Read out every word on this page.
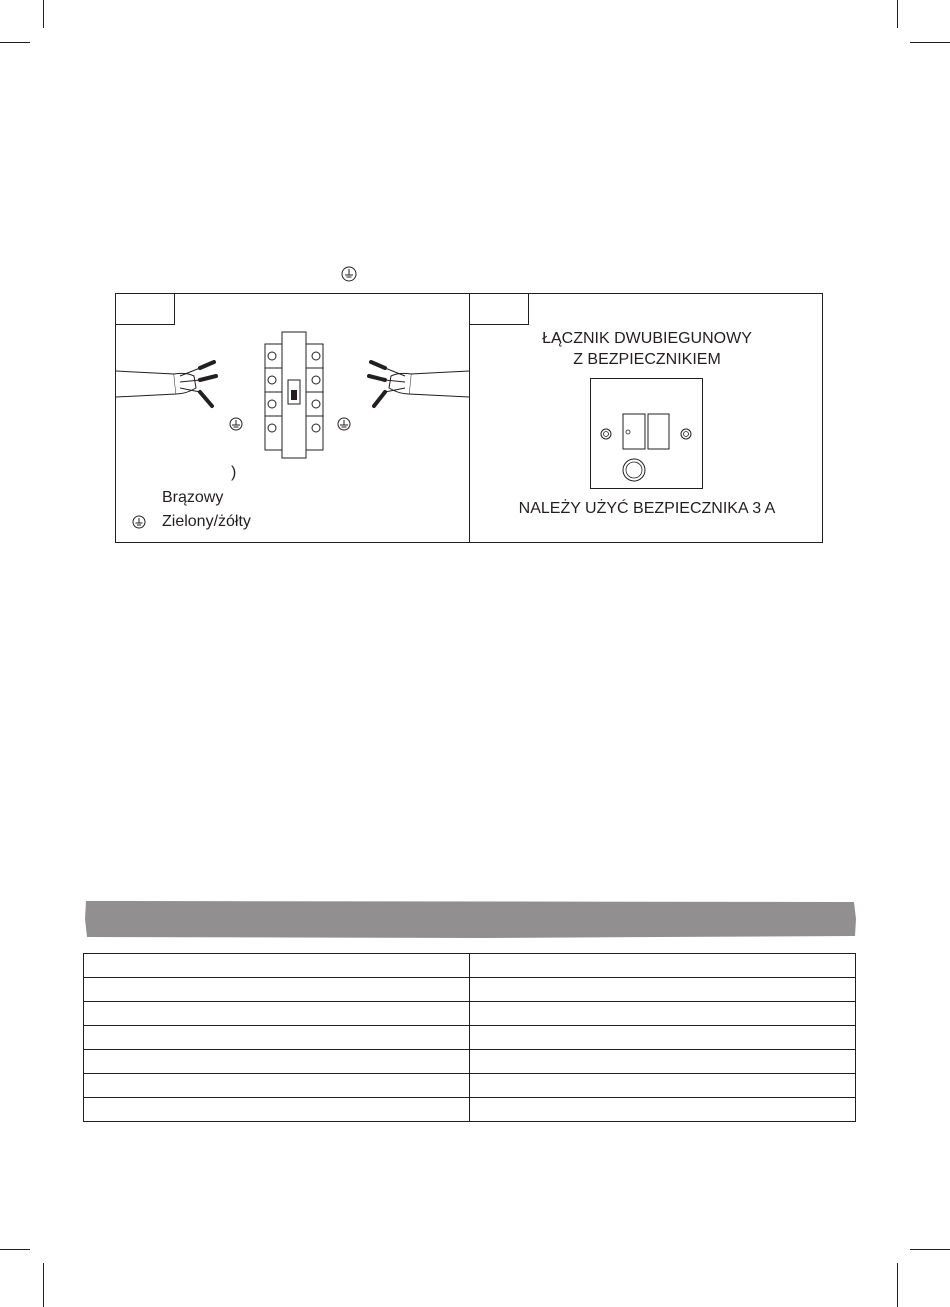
)
Brązowy
Zielony/żółty
ŁĄCZNIK DWUBIEGUNOWY
Z BEZPIECZNIKIEM
NALEŻY UŻYĆ BEZPIECZNIKA 3 A
